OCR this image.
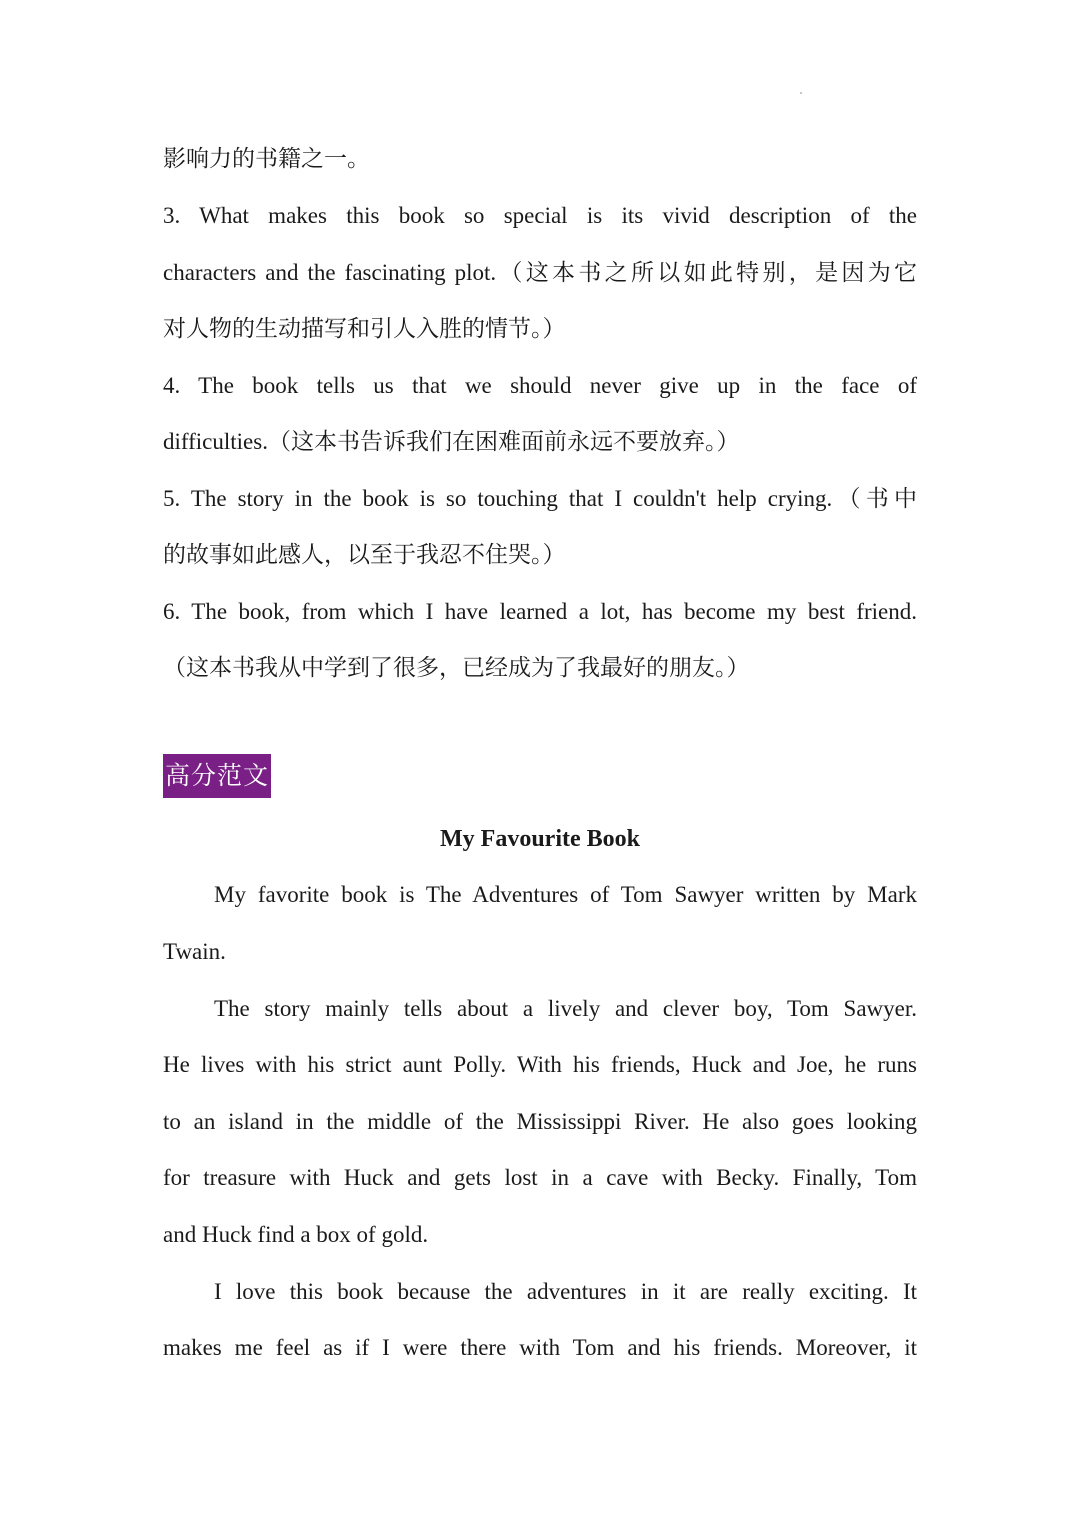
影响力的书籍之一。
3. What makes this book so special is its vivid description of the
characters and the fascinating plot.（这本书之所以如此特别，是因为它
对人物的生动描写和引人入胜的情节。）
4. The book tells us that we should never give up in the face of
difficulties.（这本书告诉我们在困难面前永远不要放弃。）
5. The story in the book is so touching that I couldn't help crying.（书中
的故事如此感人，以至于我忍不住哭。）
6. The book, from which I have learned a lot, has become my best friend.
（这本书我从中学到了很多，已经成为了我最好的朋友。）
高分范文
My Favourite Book
My favorite book is The Adventures of Tom Sawyer written by Mark
Twain.
The story mainly tells about a lively and clever boy, Tom Sawyer.
He lives with his strict aunt Polly. With his friends, Huck and Joe, he runs
to an island in the middle of the Mississippi River. He also goes looking
for treasure with Huck and gets lost in a cave with Becky. Finally, Tom
and Huck find a box of gold.
I love this book because the adventures in it are really exciting. It
makes me feel as if I were there with Tom and his friends. Moreover, it
